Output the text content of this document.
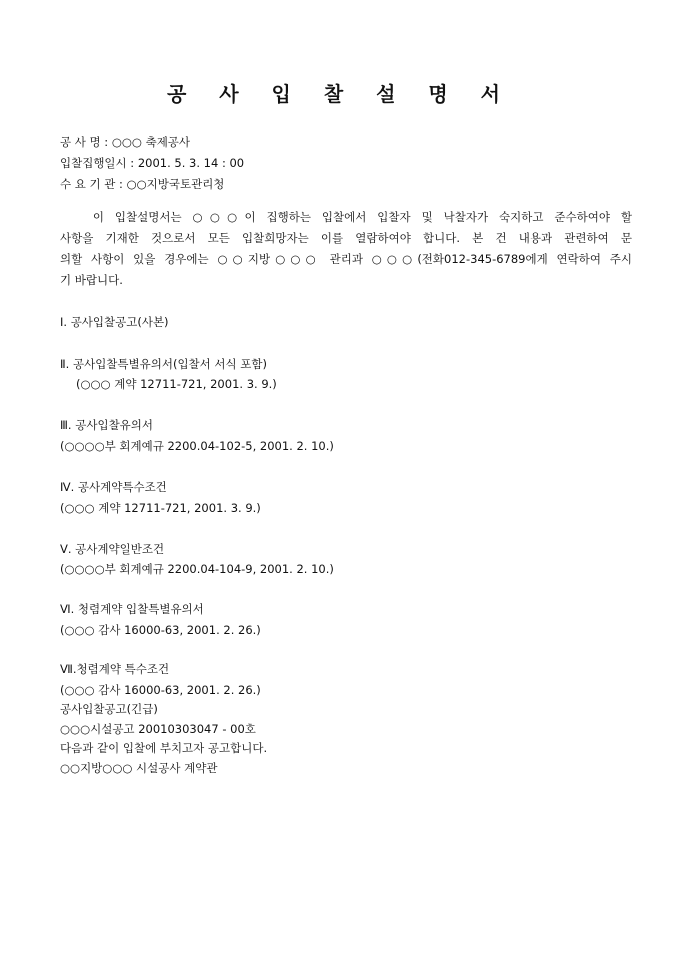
공 사 입 찰 설 명 서
공 사 명 : ○○○ 축제공사
입찰집행일시 : 2001. 5. 3. 14 : 00
수 요 기 관 : ○○지방국토관리청
이 입찰설명서는 ○○○이 집행하는 입찰에서 입찰자 및 낙찰자가 숙지하고 준수하여야 할
사항을 기재한 것으로서 모든 입찰희망자는 이를 열람하여야 합니다. 본 건 내용과 관련하여 문
의할 사항이 있을 경우에는 ○○지방○○○ 관리과 ○○○(전화012-345-6789에게 연락하여 주시
기 바랍니다.
Ⅰ. 공사입찰공고(사본)
Ⅱ. 공사입찰특별유의서(입찰서 서식 포함)
(○○○ 계약 12711-721, 2001. 3. 9.)
Ⅲ. 공사입찰유의서
(○○○○부 회계예규 2200.04-102-5, 2001. 2. 10.)
Ⅳ. 공사계약특수조건
(○○○ 계약 12711-721, 2001. 3. 9.)
Ⅴ. 공사계약일반조건
(○○○○부 회계예규 2200.04-104-9, 2001. 2. 10.)
Ⅵ. 청렴계약 입찰특별유의서
(○○○ 감사 16000-63, 2001. 2. 26.)
Ⅶ.청렴계약 특수조건
(○○○ 감사 16000-63, 2001. 2. 26.)
공사입찰공고(긴급)
○○○시설공고 20010303047 - 00호
다음과 같이 입찰에 부치고자 공고합니다.
○○지방○○○ 시설공사 계약관
